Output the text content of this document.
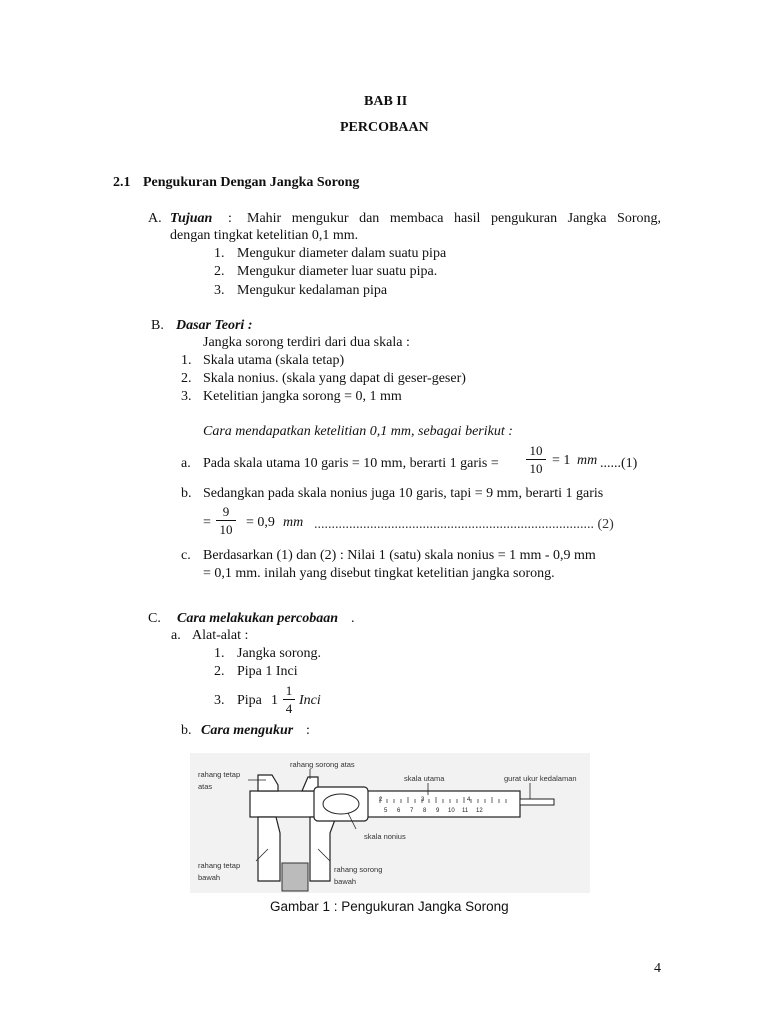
BAB II
PERCOBAAN
2.1 Pengukuran Dengan Jangka Sorong
A. Tujuan : Mahir mengukur dan membaca hasil pengukuran Jangka Sorong,
dengan tingkat ketelitian 0,1 mm.
1. Mengukur diameter dalam suatu pipa
2. Mengukur diameter luar suatu pipa.
3. Mengukur kedalaman pipa
B. Dasar Teori :
Jangka sorong terdiri dari dua skala :
1. Skala utama (skala tetap)
2. Skala nonius. (skala yang dapat di geser-geser)
3. Ketelitian jangka sorong = 0, 1 mm
Cara mendapatkan ketelitian 0,1 mm, sebagai berikut :
a. Pada skala utama 10 garis = 10 mm, berarti 1 garis =
10
10
= 1 mm ......(1)
b. Sedangkan pada skala nonius juga 10 garis, tapi = 9 mm, berarti 1 garis
=
9
10 = 0,9 mm ................................................................................ (2)
c. Berdasarkan (1) dan (2) : Nilai 1 (satu) skala nonius = 1 mm - 0,9 mm
= 0,1 mm. inilah yang disebut tingkat ketelitian jangka sorong.
C. Cara melakukan percobaan .
a. Alat-alat :
1. Jangka sorong.
2. Pipa 1 Inci
3. Pipa 1
1
4
Inci
b. Cara mengukur :
2	3	4
5 6 7 8 9 10 11 12
rahang tetap
atas
rahang sorong atas
skala utama	gurat ukur kedalaman
skala nonius
rahang tetap
bawah
rahang sorong
bawah
Gambar 1 : Pengukuran Jangka Sorong
4
